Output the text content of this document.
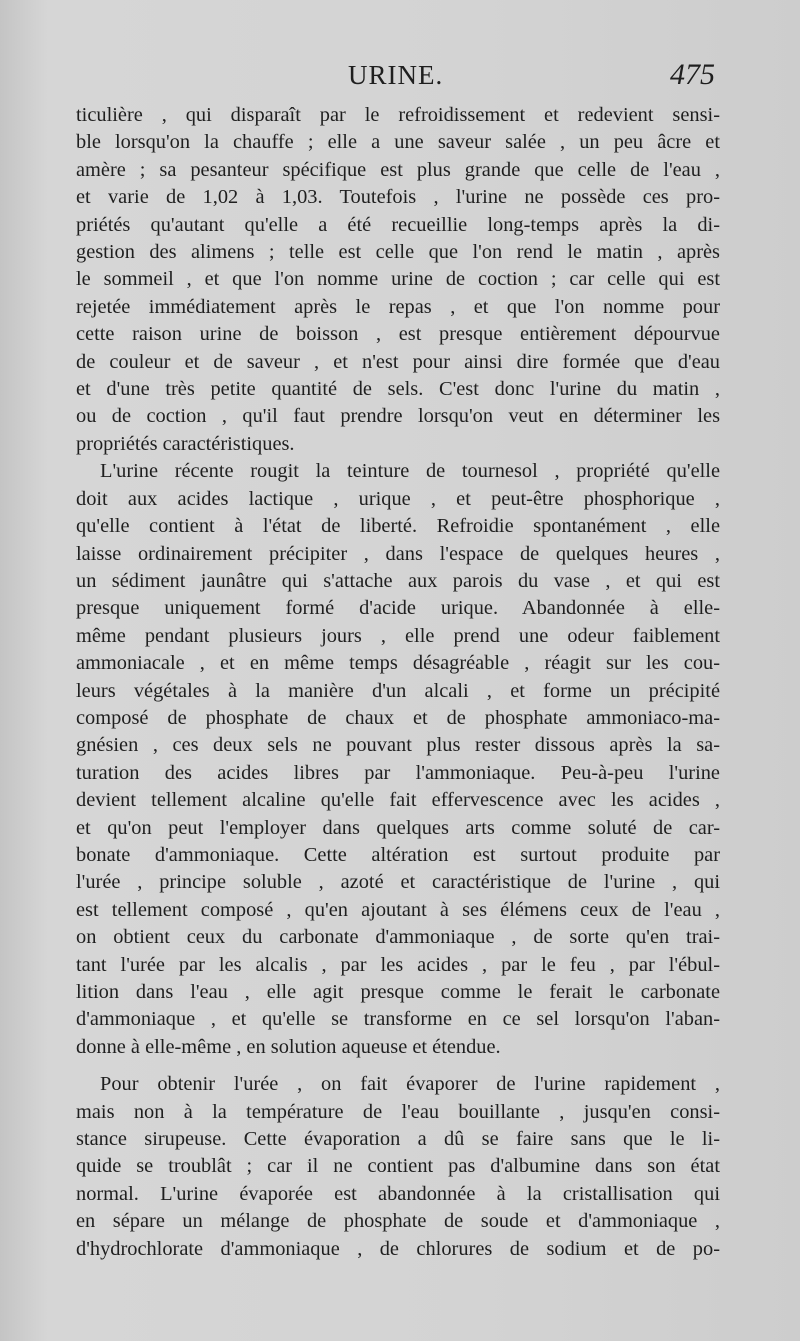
URINE.	475

ticulière , qui disparaît par le refroidissement et redevient sensi-
ble lorsqu'on la chauffe ; elle a une saveur salée , un peu âcre et
amère ; sa pesanteur spécifique est plus grande que celle de l'eau ,
et varie de 1,02 à 1,03. Toutefois , l'urine ne possède ces pro-
priétés qu'autant qu'elle a été recueillie long-temps après la di-
gestion des alimens ; telle est celle que l'on rend le matin , après
le sommeil , et que l'on nomme urine de coction ; car celle qui est
rejetée immédiatement après le repas , et que l'on nomme pour
cette raison urine de boisson , est presque entièrement dépourvue
de couleur et de saveur , et n'est pour ainsi dire formée que d'eau
et d'une très petite quantité de sels. C'est donc l'urine du matin ,
ou de coction , qu'il faut prendre lorsqu'on veut en déterminer les
propriétés caractéristiques.

L'urine récente rougit la teinture de tournesol , propriété qu'elle
doit aux acides lactique , urique , et peut-être phosphorique ,
qu'elle contient à l'état de liberté. Refroidie spontanément , elle
laisse ordinairement précipiter , dans l'espace de quelques heures ,
un sédiment jaunâtre qui s'attache aux parois du vase , et qui est
presque uniquement formé d'acide urique. Abandonnée à elle-
même pendant plusieurs jours , elle prend une odeur faiblement
ammoniacale , et en même temps désagréable , réagit sur les cou-
leurs végétales à la manière d'un alcali , et forme un précipité
composé de phosphate de chaux et de phosphate ammoniaco-ma-
gnésien , ces deux sels ne pouvant plus rester dissous après la sa-
turation des acides libres par l'ammoniaque. Peu-à-peu l'urine
devient tellement alcaline qu'elle fait effervescence avec les acides ,
et qu'on peut l'employer dans quelques arts comme soluté de car-
bonate d'ammoniaque. Cette altération est surtout produite par
l'urée , principe soluble , azoté et caractéristique de l'urine , qui
est tellement composé , qu'en ajoutant à ses élémens ceux de l'eau ,
on obtient ceux du carbonate d'ammoniaque , de sorte qu'en trai-
tant l'urée par les alcalis , par les acides , par le feu , par l'ébul-
lition dans l'eau , elle agit presque comme le ferait le carbonate
d'ammoniaque , et qu'elle se transforme en ce sel lorsqu'on l'aban-
donne à elle-même , en solution aqueuse et étendue.

Pour obtenir l'urée , on fait évaporer de l'urine rapidement ,
mais non à la température de l'eau bouillante , jusqu'en consi-
stance sirupeuse. Cette évaporation a dû se faire sans que le li-
quide se troublât ; car il ne contient pas d'albumine dans son état
normal. L'urine évaporée est abandonnée à la cristallisation qui
en sépare un mélange de phosphate de soude et d'ammoniaque ,
d'hydrochlorate d'ammoniaque , de chlorures de sodium et de po-
